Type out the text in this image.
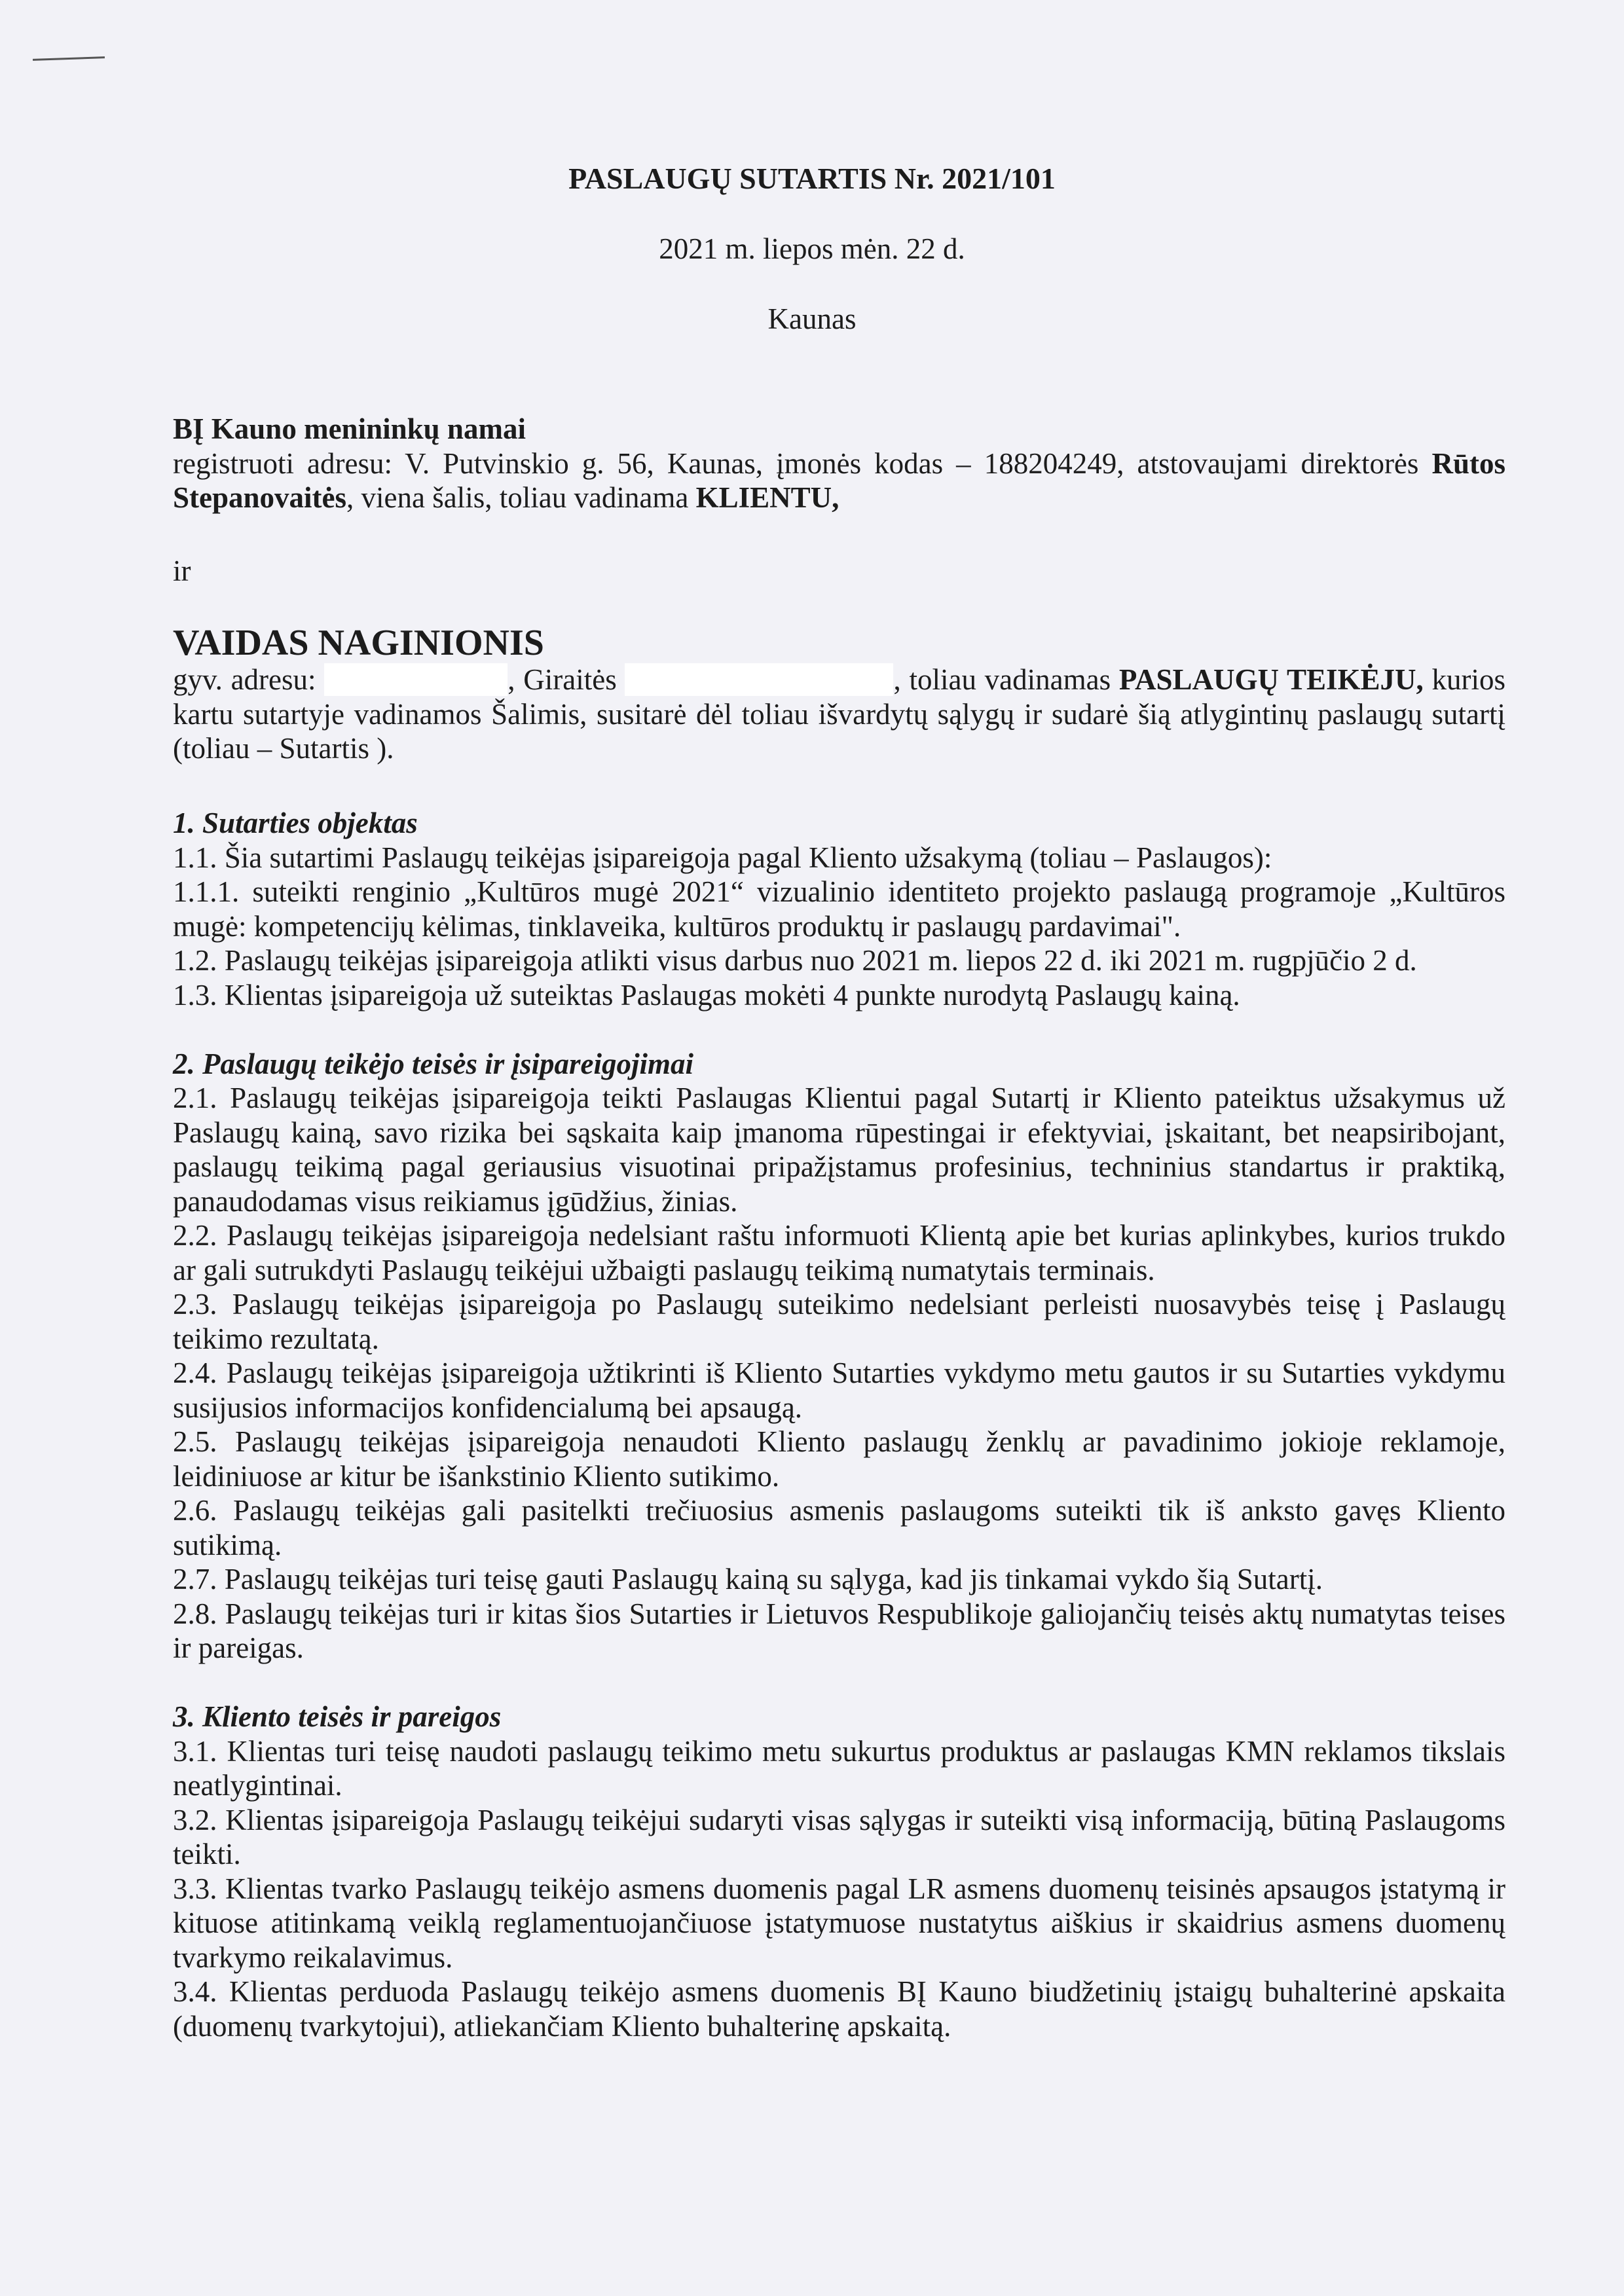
PASLAUGŲ SUTARTIS Nr. 2021/101
2021 m. liepos mėn. 22 d.
Kaunas

BĮ Kauno menininkų namai

registruoti adresu: V. Putvinskio g. 56, Kaunas, įmonės kodas – 188204249, atstovaujami direktorės Rūtos Stepanovaitės, viena šalis, toliau vadinama KLIENTU,

ir

VAIDAS NAGINIONIS

gyv. adresu:	, Giraitės	, toliau vadinamas PASLAUGŲ TEIKĖJU, kurios kartu sutartyje vadinamos Šalimis, susitarė dėl toliau išvardytų sąlygų ir sudarė šią atlygintinų paslaugų sutartį (toliau – Sutartis ).

1. Sutarties objektas

1.1. Šia sutartimi Paslaugų teikėjas įsipareigoja pagal Kliento užsakymą (toliau – Paslaugos):

1.1.1. suteikti renginio „Kultūros mugė 2021“ vizualinio identiteto projekto paslaugą programoje „Kultūros mugė: kompetencijų kėlimas, tinklaveika, kultūros produktų ir paslaugų pardavimai".

1.2. Paslaugų teikėjas įsipareigoja atlikti visus darbus nuo 2021 m. liepos 22 d. iki 2021 m. rugpjūčio 2 d.

1.3. Klientas įsipareigoja už suteiktas Paslaugas mokėti 4 punkte nurodytą Paslaugų kainą.

2. Paslaugų teikėjo teisės ir įsipareigojimai

2.1. Paslaugų teikėjas įsipareigoja teikti Paslaugas Klientui pagal Sutartį ir Kliento pateiktus užsakymus už Paslaugų kainą, savo rizika bei sąskaita kaip įmanoma rūpestingai ir efektyviai, įskaitant, bet neapsiribojant, paslaugų teikimą pagal geriausius visuotinai pripažįstamus profesinius, techninius standartus ir praktiką, panaudodamas visus reikiamus įgūdžius, žinias.

2.2. Paslaugų teikėjas įsipareigoja nedelsiant raštu informuoti Klientą apie bet kurias aplinkybes, kurios trukdo ar gali sutrukdyti Paslaugų teikėjui užbaigti paslaugų teikimą numatytais terminais.

2.3. Paslaugų teikėjas įsipareigoja po Paslaugų suteikimo nedelsiant perleisti nuosavybės teisę į Paslaugų teikimo rezultatą.

2.4. Paslaugų teikėjas įsipareigoja užtikrinti iš Kliento Sutarties vykdymo metu gautos ir su Sutarties vykdymu susijusios informacijos konfidencialumą bei apsaugą.

2.5. Paslaugų teikėjas įsipareigoja nenaudoti Kliento paslaugų ženklų ar pavadinimo jokioje reklamoje, leidiniuose ar kitur be išankstinio Kliento sutikimo.

2.6. Paslaugų teikėjas gali pasitelkti trečiuosius asmenis paslaugoms suteikti tik iš anksto gavęs Kliento sutikimą.

2.7. Paslaugų teikėjas turi teisę gauti Paslaugų kainą su sąlyga, kad jis tinkamai vykdo šią Sutartį.

2.8. Paslaugų teikėjas turi ir kitas šios Sutarties ir Lietuvos Respublikoje galiojančių teisės aktų numatytas teises ir pareigas.

3. Kliento teisės ir pareigos

3.1. Klientas turi teisę naudoti paslaugų teikimo metu sukurtus produktus ar paslaugas KMN reklamos tikslais neatlygintinai.

3.2. Klientas įsipareigoja Paslaugų teikėjui sudaryti visas sąlygas ir suteikti visą informaciją, būtiną Paslaugoms teikti.

3.3. Klientas tvarko Paslaugų teikėjo asmens duomenis pagal LR asmens duomenų teisinės apsaugos įstatymą ir kituose atitinkamą veiklą reglamentuojančiuose įstatymuose nustatytus aiškius ir skaidrius asmens duomenų tvarkymo reikalavimus.

3.4. Klientas perduoda Paslaugų teikėjo asmens duomenis BĮ Kauno biudžetinių įstaigų buhalterinė apskaita (duomenų tvarkytojui), atliekančiam Kliento buhalterinę apskaitą.
